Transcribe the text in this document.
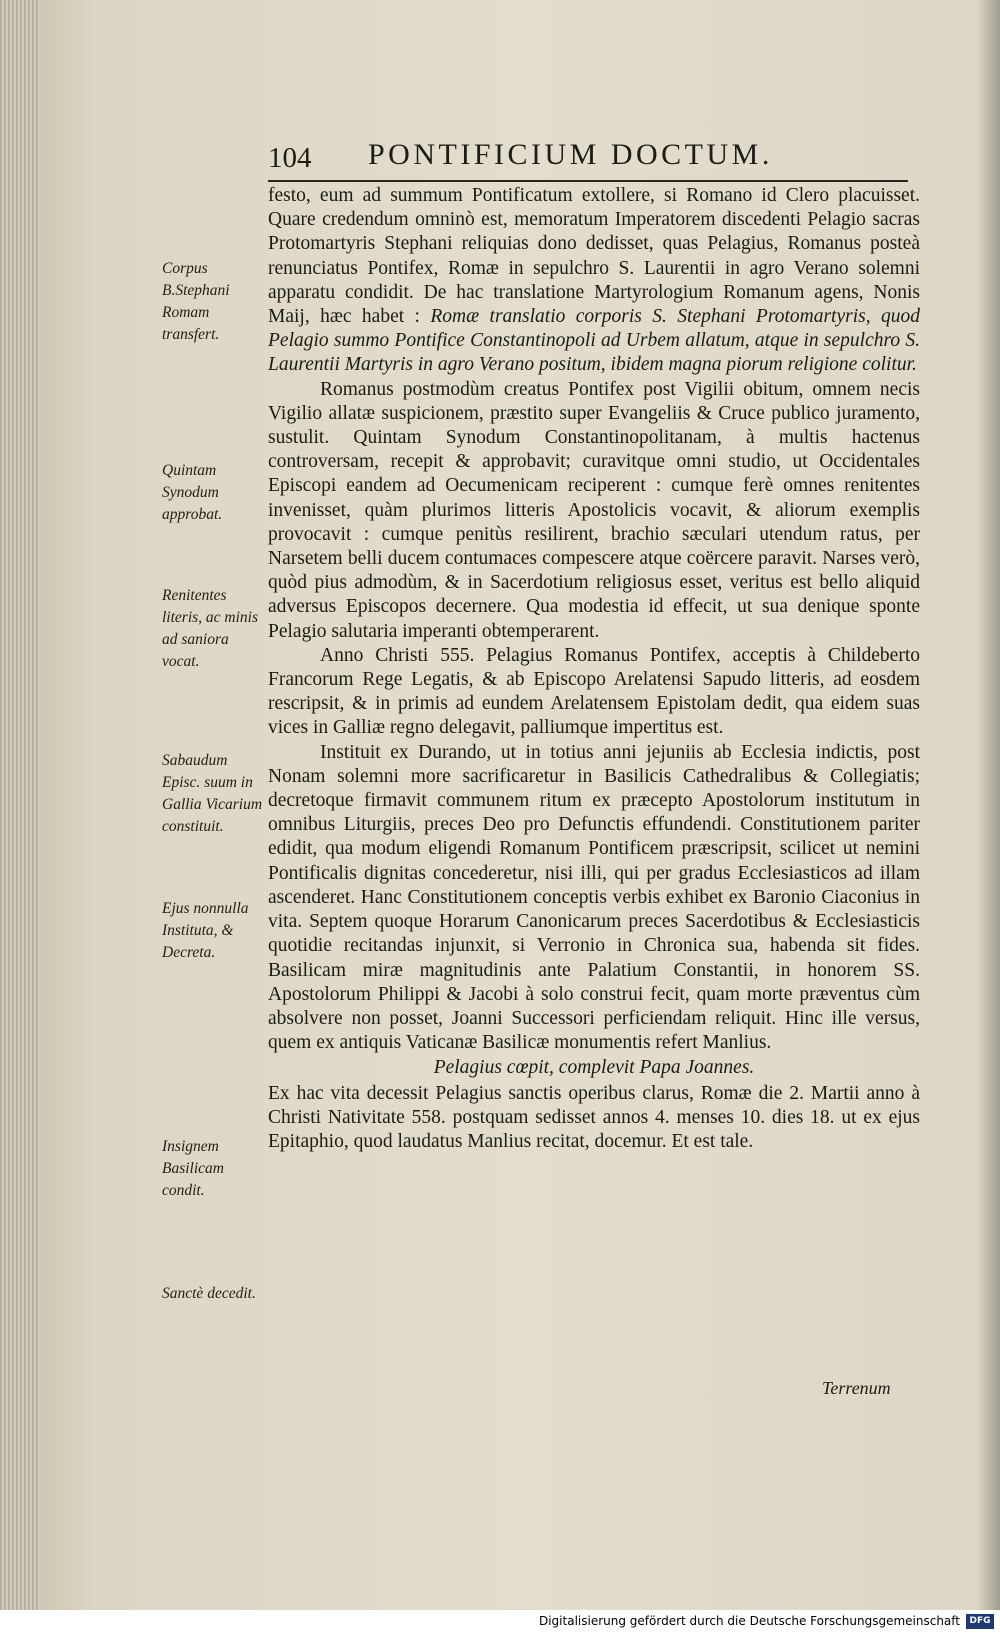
104 PONTIFICIUM DOCTUM.
Corpus B.Stephani Romam transfert.
Quintam Synodum approbat.
Renitentes literis, ac minis ad saniora vocat.
Sabaudum Episc. suum in Gallia Vicarium constituit.
Ejus nonnulla Instituta, & Decreta.
Insignem Basilicam condit.
Sanctè decedit.

festo, eum ad summum Pontificatum extollere, si Romano id Clero placuisset. Quare credendum omninò est, memoratum Imperatorem discedenti Pelagio sacras Protomartyris Stephani reliquias dono dedisset, quas Pelagius, Romanus posteà renunciatus Pontifex, Romæ in sepulchro S. Laurentii in agro Verano solemni apparatu condidit. De hac translatione Martyrologium Romanum agens, Nonis Maij, hæc habet : Romæ translatio corporis S. Stephani Protomartyris, quod Pelagio summo Pontifice Constantinopoli ad Urbem allatum, atque in sepulchro S. Laurentii Martyris in agro Verano positum, ibidem magna piorum religione colitur.

Romanus postmodùm creatus Pontifex post Vigilii obitum, omnem necis Vigilio allatæ suspicionem, præstito super Evangeliis & Cruce publico juramento, sustulit. Quintam Synodum Constantinopolitanam, à multis hactenus controversam, recepit & approbavit; curavitque omni studio, ut Occidentales Episcopi eandem ad Oecumenicam reciperent : cumque ferè omnes renitentes invenisset, quàm plurimos litteris Apostolicis vocavit, & aliorum exemplis provocavit : cumque penitùs resilirent, brachio sæculari utendum ratus, per Narsetem belli ducem contumaces compescere atque coërcere paravit. Narses verò, quòd pius admodùm, & in Sacerdotium religiosus esset, veritus est bello aliquid adversus Episcopos decernere. Qua modestia id effecit, ut sua denique sponte Pelagio salutaria imperanti obtemperarent.

Anno Christi 555. Pelagius Romanus Pontifex, acceptis à Childeberto Francorum Rege Legatis, & ab Episcopo Arelatensi Sapudo litteris, ad eosdem rescripsit, & in primis ad eundem Arelatensem Epistolam dedit, qua eidem suas vices in Galliæ regno delegavit, palliumque impertitus est.

Instituit ex Durando, ut in totius anni jejuniis ab Ecclesia indictis, post Nonam solemni more sacrificaretur in Basilicis Cathedralibus & Collegiatis; decretoque firmavit communem ritum ex præcepto Apostolorum institutum in omnibus Liturgiis, preces Deo pro Defunctis effundendi. Constitutionem pariter edidit, qua modum eligendi Romanum Pontificem præscripsit, scilicet ut nemini Pontificalis dignitas concederetur, nisi illi, qui per gradus Ecclesiasticos ad illam ascenderet. Hanc Constitutionem conceptis verbis exhibet ex Baronio Ciaconius in vita. Septem quoque Horarum Canonicarum preces Sacerdotibus & Ecclesiasticis quotidie recitandas injunxit, si Verronio in Chronica sua, habenda sit fides. Basilicam miræ magnitudinis ante Palatium Constantii, in honorem SS. Apostolorum Philippi & Jacobi à solo construi fecit, quam morte præventus cùm absolvere non posset, Joanni Successori perficiendam reliquit. Hinc ille versus, quem ex antiquis Vaticanæ Basilicæ monumentis refert Manlius.

Pelagius cœpit, complevit Papa Joannes.

Ex hac vita decessit Pelagius sanctis operibus clarus, Romæ die 2. Martii anno à Christi Nativitate 558. postquam sedisset annos 4. menses 10. dies 18. ut ex ejus Epitaphio, quod laudatus Manlius recitat, docemur. Et est tale.

Terrenum
Digitalisierung gefördert durch die Deutsche Forschungsgemeinschaft	DFG
